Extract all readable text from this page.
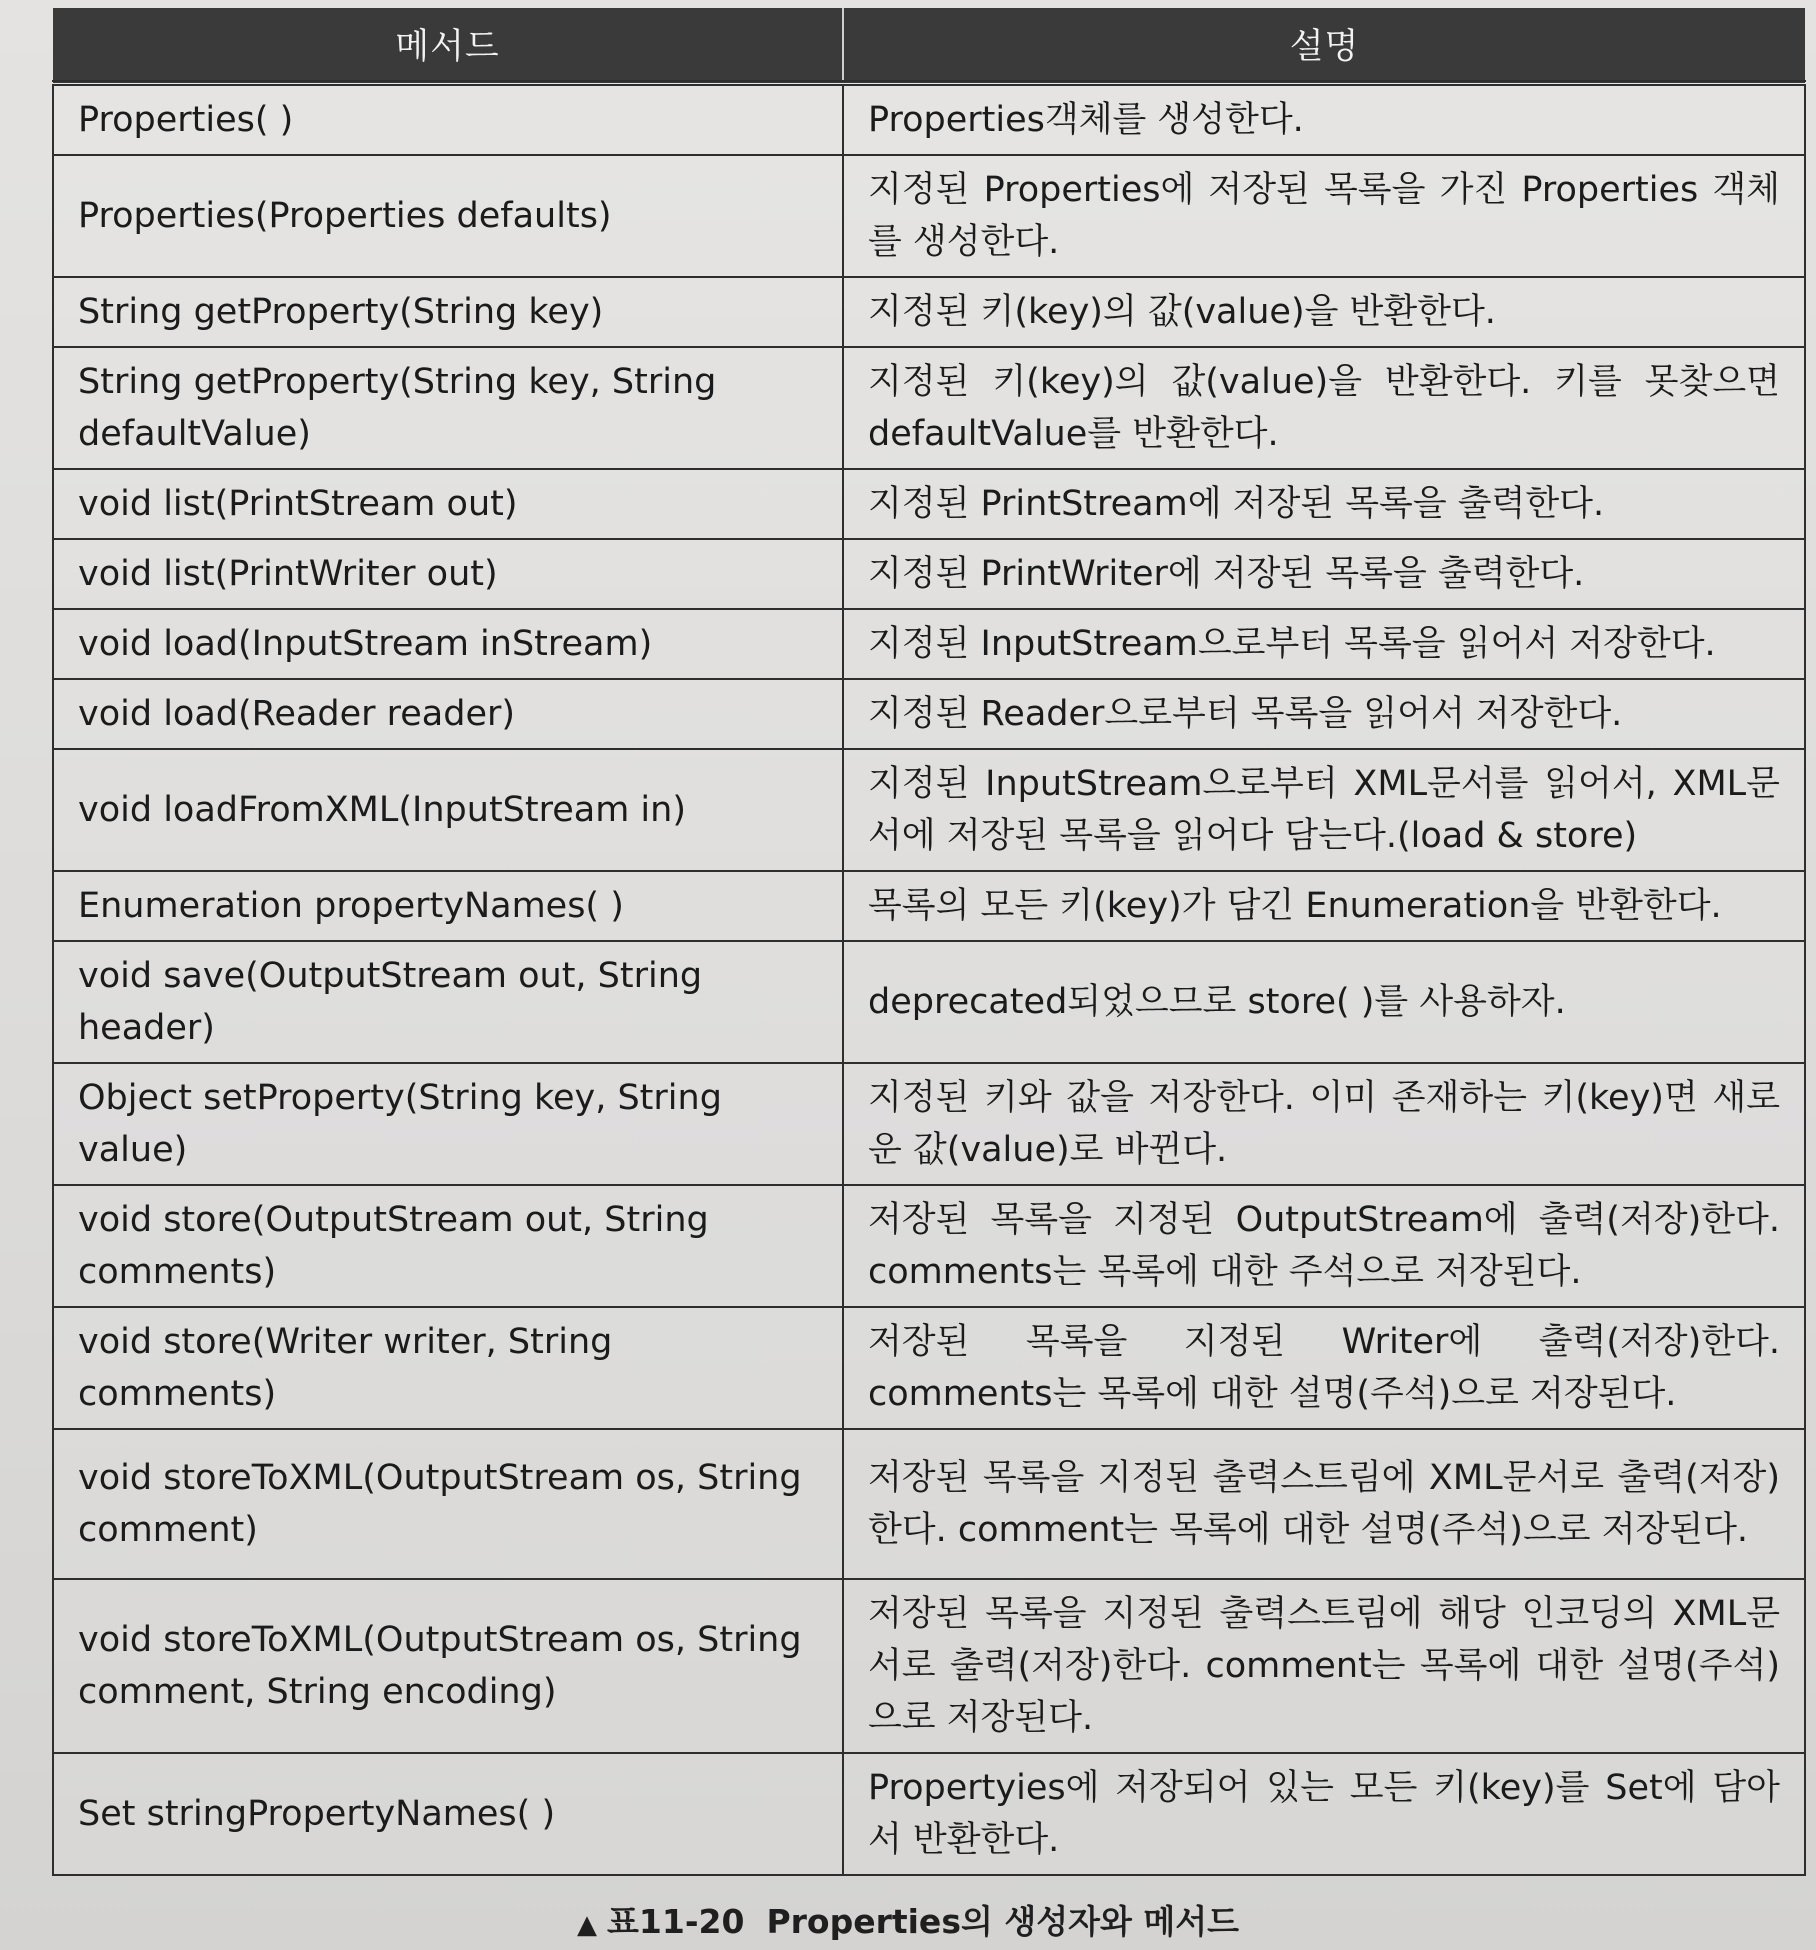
메서드	설명
Properties( )	Properties객체를 생성한다.
Properties(Properties defaults)	지정된 Properties에 저장된 목록을 가진 Properties 객체를 생성한다.
String getProperty(String key)	지정된 키(key)의 값(value)을 반환한다.
String getProperty(String key, String defaultValue)	지정된 키(key)의 값(value)을 반환한다. 키를 못찾으면 defaultValue를 반환한다.
void list(PrintStream out)	지정된 PrintStream에 저장된 목록을 출력한다.
void list(PrintWriter out)	지정된 PrintWriter에 저장된 목록을 출력한다.
void load(InputStream inStream)	지정된 InputStream으로부터 목록을 읽어서 저장한다.
void load(Reader reader)	지정된 Reader으로부터 목록을 읽어서 저장한다.
void loadFromXML(InputStream in)	지정된 InputStream으로부터 XML문서를 읽어서, XML문서에 저장된 목록을 읽어다 담는다.(load & store)
Enumeration propertyNames( )	목록의 모든 키(key)가 담긴 Enumeration을 반환한다.
void save(OutputStream out, String header)	deprecated되었으므로 store( )를 사용하자.
Object setProperty(String key, String value)	지정된 키와 값을 저장한다. 이미 존재하는 키(key)면 새로운 값(value)로 바뀐다.
void store(OutputStream out, String comments)	저장된 목록을 지정된 OutputStream에 출력(저장)한다. comments는 목록에 대한 주석으로 저장된다.
void store(Writer writer, String comments)	저장된 목록을 지정된 Writer에 출력(저장)한다. comments는 목록에 대한 설명(주석)으로 저장된다.
void storeToXML(OutputStream os, String comment)	저장된 목록을 지정된 출력스트림에 XML문서로 출력(저장)한다. comment는 목록에 대한 설명(주석)으로 저장된다.
void storeToXML(OutputStream os, String comment, String encoding)	저장된 목록을 지정된 출력스트림에 해당 인코딩의 XML문서로 출력(저장)한다. comment는 목록에 대한 설명(주석)으로 저장된다.
Set stringPropertyNames( )	Propertyies에 저장되어 있는 모든 키(key)를 Set에 담아서 반환한다.
▲ 표11-20 Properties의 생성자와 메서드
